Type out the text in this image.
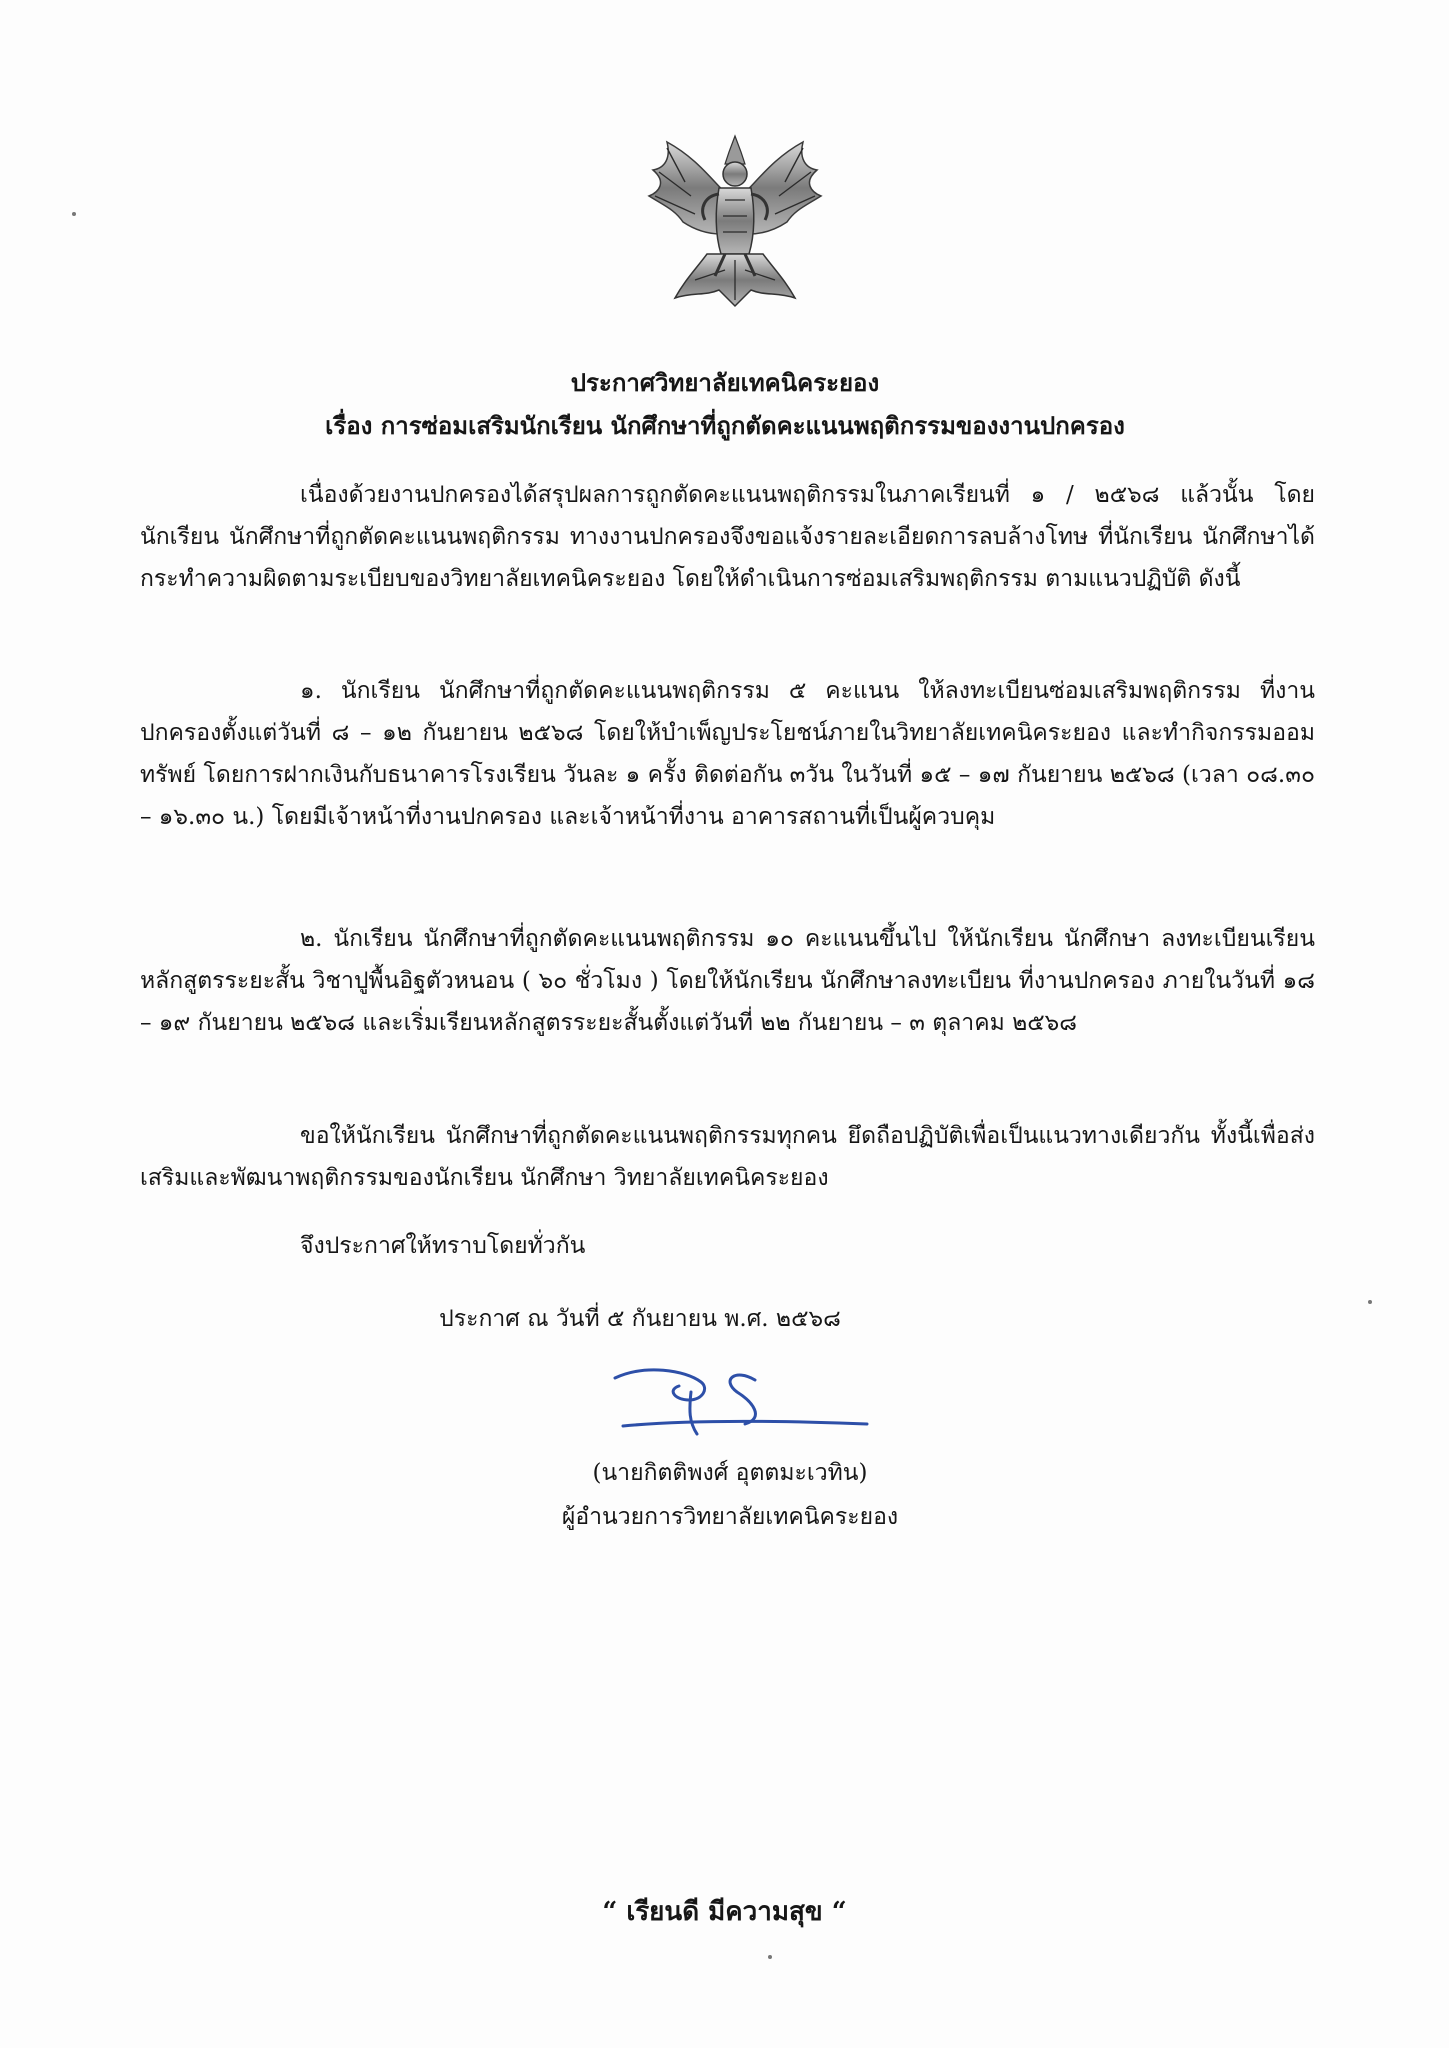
ประกาศวิทยาลัยเทคนิคระยอง
เรื่อง การซ่อมเสริมนักเรียน นักศึกษาที่ถูกตัดคะแนนพฤติกรรมของงานปกครอง
เนื่องด้วยงานปกครองได้สรุปผลการถูกตัดคะแนนพฤติกรรมในภาคเรียนที่ ๑ / ๒๕๖๘ แล้วนั้น โดยนักเรียน นักศึกษาที่ถูกตัดคะแนนพฤติกรรม ทางงานปกครองจึงขอแจ้งรายละเอียดการลบล้างโทษ ที่นักเรียน นักศึกษาได้กระทำความผิดตามระเบียบของวิทยาลัยเทคนิคระยอง โดยให้ดำเนินการซ่อมเสริมพฤติกรรม ตามแนวปฏิบัติ ดังนี้
๑. นักเรียน นักศึกษาที่ถูกตัดคะแนนพฤติกรรม ๕ คะแนน ให้ลงทะเบียนซ่อมเสริมพฤติกรรม ที่งานปกครองตั้งแต่วันที่ ๘ – ๑๒ กันยายน ๒๕๖๘ โดยให้บำเพ็ญประโยชน์ภายในวิทยาลัยเทคนิคระยอง และทำกิจกรรมออมทรัพย์ โดยการฝากเงินกับธนาคารโรงเรียน วันละ ๑ ครั้ง ติดต่อกัน ๓วัน ในวันที่ ๑๕ – ๑๗ กันยายน ๒๕๖๘ (เวลา ๐๘.๓๐ – ๑๖.๓๐ น.) โดยมีเจ้าหน้าที่งานปกครอง และเจ้าหน้าที่งาน อาคารสถานที่เป็นผู้ควบคุม
๒. นักเรียน นักศึกษาที่ถูกตัดคะแนนพฤติกรรม ๑๐ คะแนนขึ้นไป ให้นักเรียน นักศึกษา ลงทะเบียนเรียนหลักสูตรระยะสั้น วิชาปูพื้นอิฐตัวหนอน ( ๖๐ ชั่วโมง ) โดยให้นักเรียน นักศึกษาลงทะเบียน ที่งานปกครอง ภายในวันที่ ๑๘ – ๑๙ กันยายน ๒๕๖๘ และเริ่มเรียนหลักสูตรระยะสั้นตั้งแต่วันที่ ๒๒ กันยายน – ๓ ตุลาคม ๒๕๖๘
ขอให้นักเรียน นักศึกษาที่ถูกตัดคะแนนพฤติกรรมทุกคน ยึดถือปฏิบัติเพื่อเป็นแนวทางเดียวกัน ทั้งนี้เพื่อส่งเสริมและพัฒนาพฤติกรรมของนักเรียน นักศึกษา วิทยาลัยเทคนิคระยอง
จึงประกาศให้ทราบโดยทั่วกัน
ประกาศ ณ วันที่ ๕ กันยายน พ.ศ. ๒๕๖๘
(นายกิตติพงศ์ อุตตมะเวทิน)
ผู้อำนวยการวิทยาลัยเทคนิคระยอง
“ เรียนดี มีความสุข “
